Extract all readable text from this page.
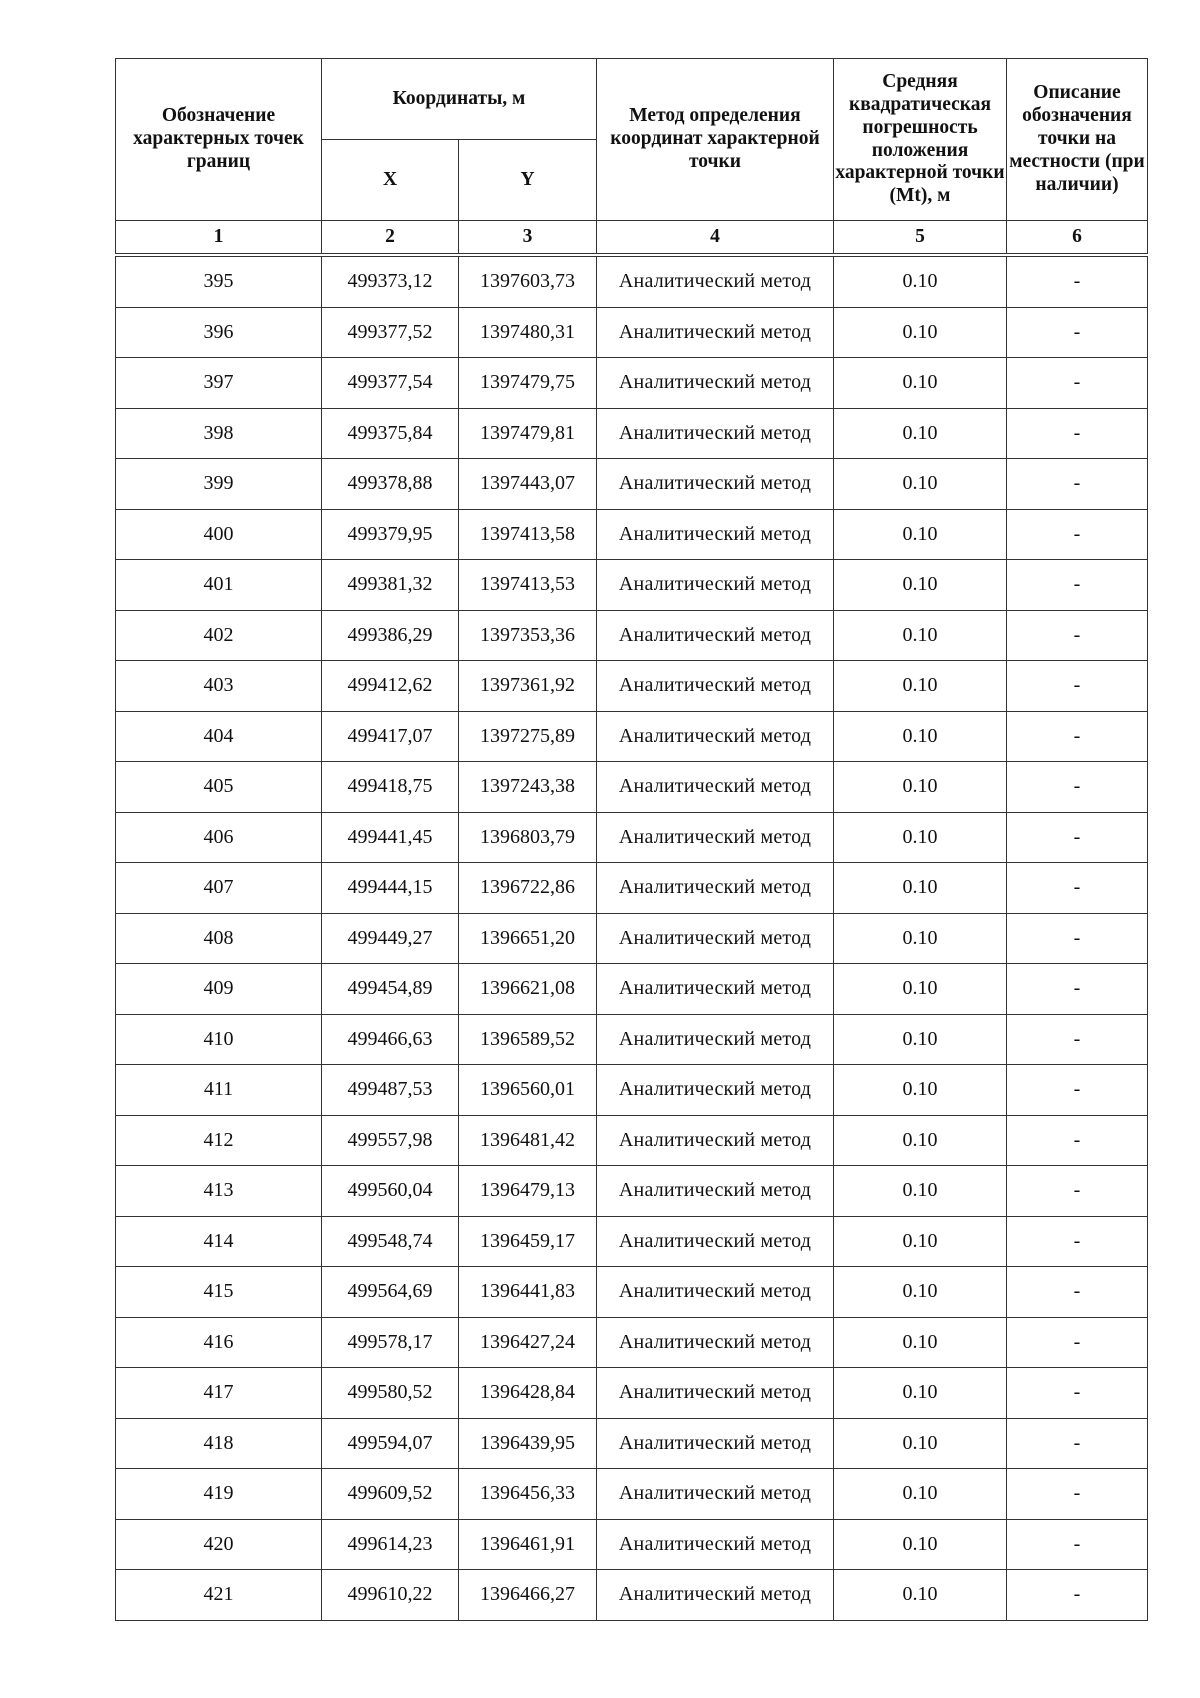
Обозначение характерных точек границ	Координаты, м		Метод определения координат характерной точки	Средняя квадратическая погрешность положения характерной точки (Mt), м	Описание обозначения точки на местности (при наличии)
	X	Y			
1	2	3	4	5	6
395	499373,12	1397603,73	Аналитический метод	0.10	-
396	499377,52	1397480,31	Аналитический метод	0.10	-
397	499377,54	1397479,75	Аналитический метод	0.10	-
398	499375,84	1397479,81	Аналитический метод	0.10	-
399	499378,88	1397443,07	Аналитический метод	0.10	-
400	499379,95	1397413,58	Аналитический метод	0.10	-
401	499381,32	1397413,53	Аналитический метод	0.10	-
402	499386,29	1397353,36	Аналитический метод	0.10	-
403	499412,62	1397361,92	Аналитический метод	0.10	-
404	499417,07	1397275,89	Аналитический метод	0.10	-
405	499418,75	1397243,38	Аналитический метод	0.10	-
406	499441,45	1396803,79	Аналитический метод	0.10	-
407	499444,15	1396722,86	Аналитический метод	0.10	-
408	499449,27	1396651,20	Аналитический метод	0.10	-
409	499454,89	1396621,08	Аналитический метод	0.10	-
410	499466,63	1396589,52	Аналитический метод	0.10	-
411	499487,53	1396560,01	Аналитический метод	0.10	-
412	499557,98	1396481,42	Аналитический метод	0.10	-
413	499560,04	1396479,13	Аналитический метод	0.10	-
414	499548,74	1396459,17	Аналитический метод	0.10	-
415	499564,69	1396441,83	Аналитический метод	0.10	-
416	499578,17	1396427,24	Аналитический метод	0.10	-
417	499580,52	1396428,84	Аналитический метод	0.10	-
418	499594,07	1396439,95	Аналитический метод	0.10	-
419	499609,52	1396456,33	Аналитический метод	0.10	-
420	499614,23	1396461,91	Аналитический метод	0.10	-
421	499610,22	1396466,27	Аналитический метод	0.10	-
